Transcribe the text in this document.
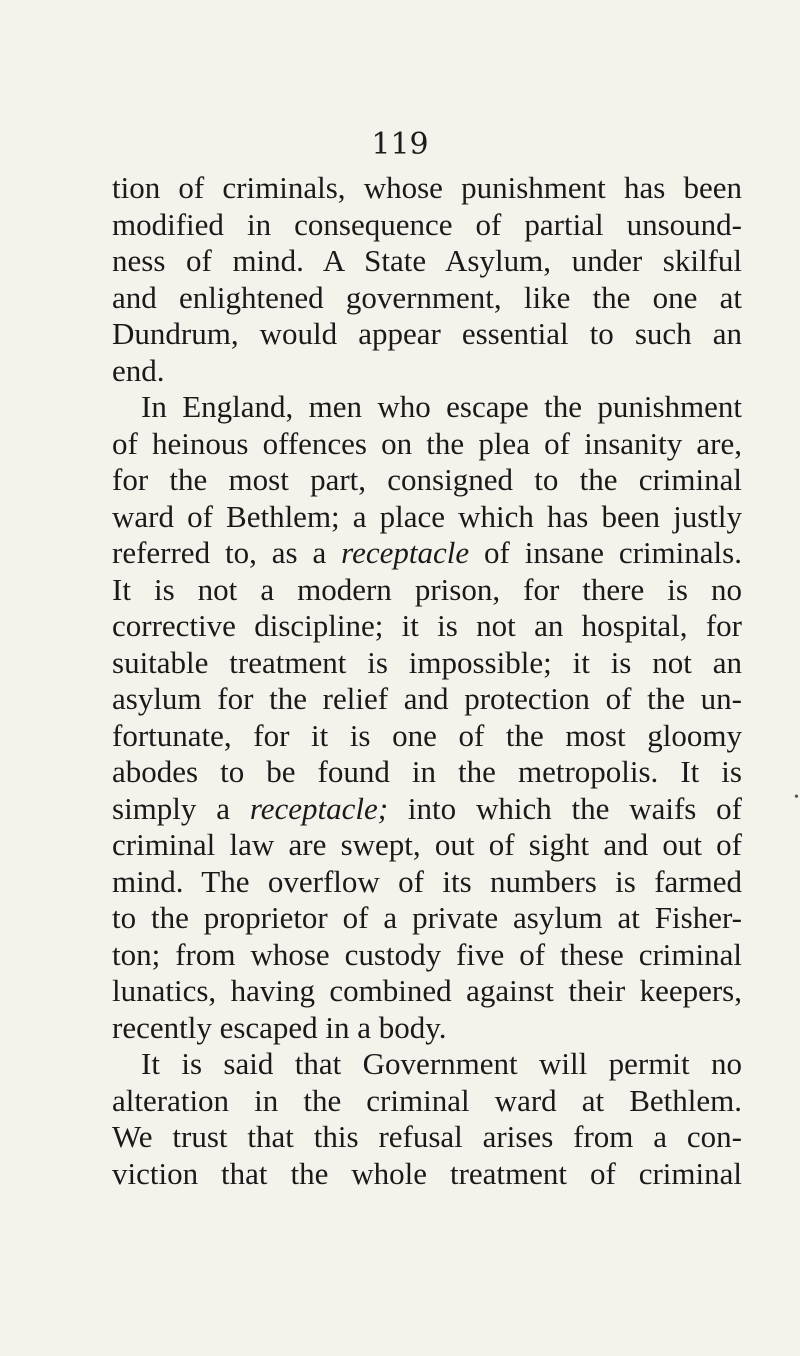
119
tion of criminals, whose punishment has been
modified in consequence of partial unsound-
ness of mind. A State Asylum, under skilful
and enlightened government, like the one at
Dundrum, would appear essential to such an
end.
In England, men who escape the punishment
of heinous offences on the plea of insanity are,
for the most part, consigned to the criminal
ward of Bethlem; a place which has been justly
referred to, as a receptacle of insane criminals.
It is not a modern prison, for there is no
corrective discipline; it is not an hospital, for
suitable treatment is impossible; it is not an
asylum for the relief and protection of the un-
fortunate, for it is one of the most gloomy
abodes to be found in the metropolis. It is
simply a receptacle; into which the waifs of
criminal law are swept, out of sight and out of
mind. The overflow of its numbers is farmed
to the proprietor of a private asylum at Fisher-
ton; from whose custody five of these criminal
lunatics, having combined against their keepers,
recently escaped in a body.
It is said that Government will permit no
alteration in the criminal ward at Bethlem.
We trust that this refusal arises from a con-
viction that the whole treatment of criminal
•
